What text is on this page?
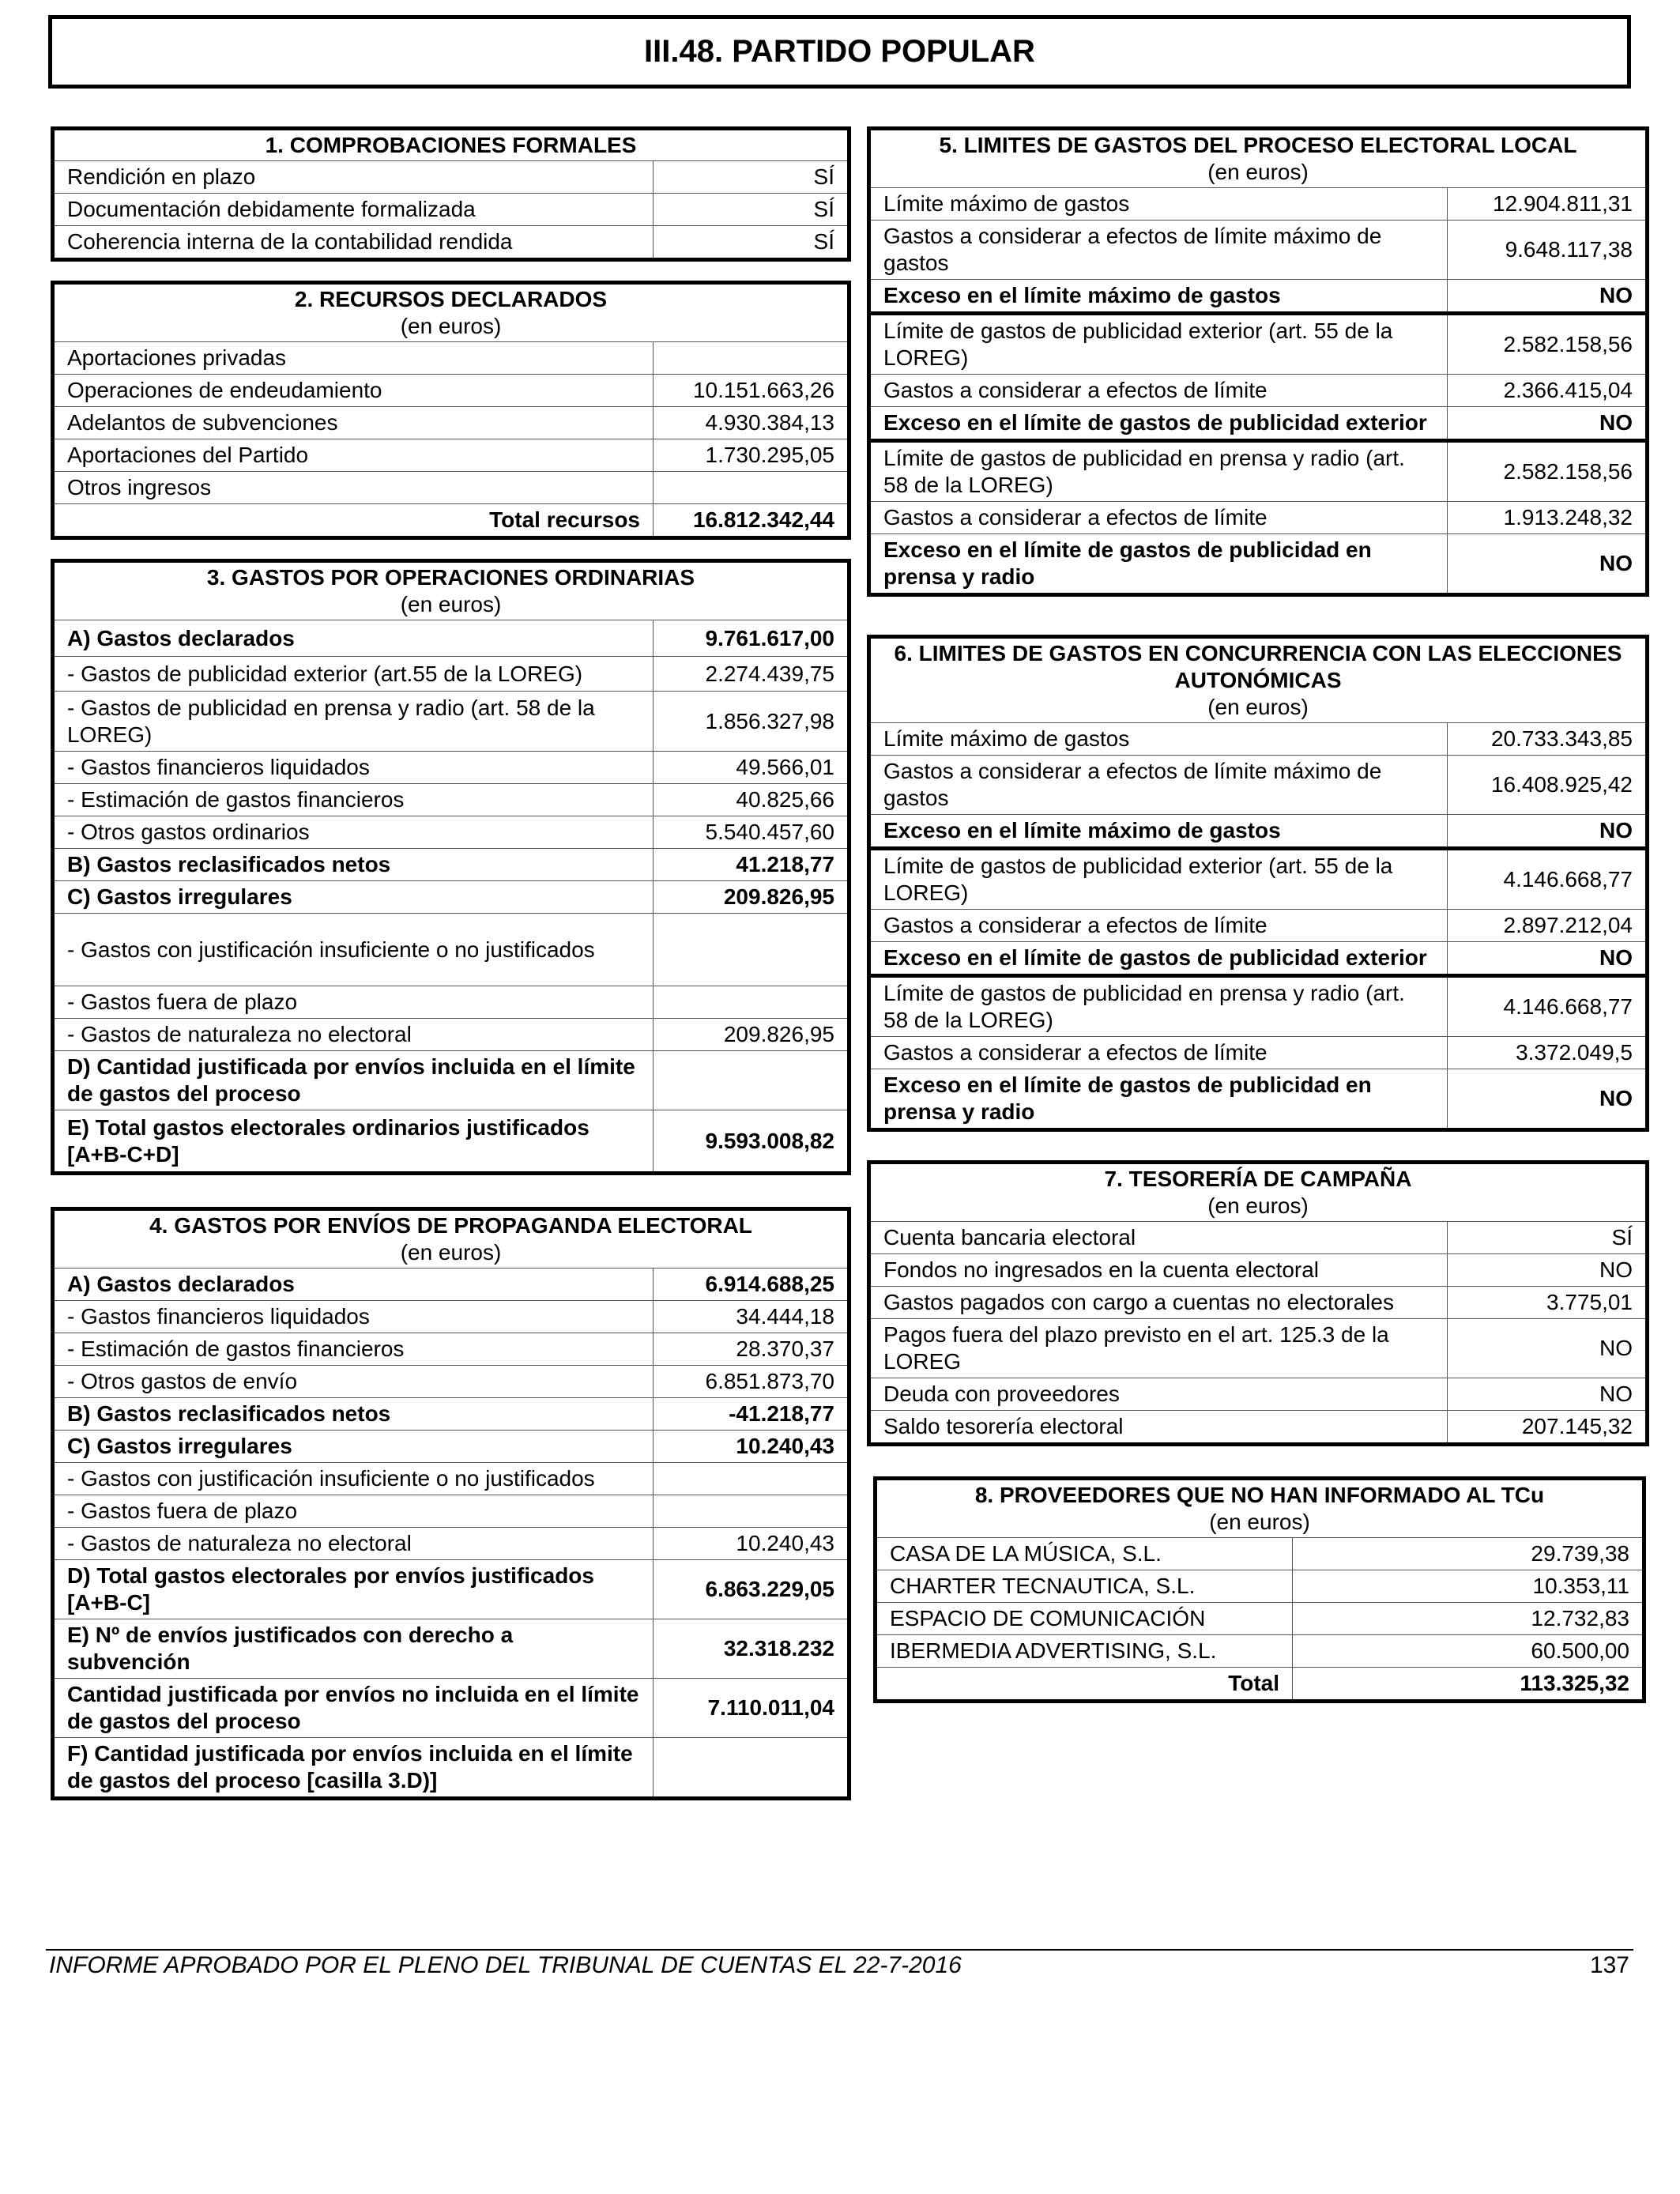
III.48. PARTIDO POPULAR
1. COMPROBACIONES FORMALES	

Rendición en plazo	SÍ
Documentación debidamente formalizada	SÍ
Coherencia interna de la contabilidad rendida	SÍ
2. RECURSOS DECLARADOS
(en euros)	

Aportaciones privadas	
Operaciones de endeudamiento	10.151.663,26
Adelantos de subvenciones	4.930.384,13
Aportaciones del Partido	1.730.295,05
Otros ingresos	
Total recursos	16.812.342,44
3. GASTOS POR OPERACIONES ORDINARIAS
(en euros)	

A) Gastos declarados	9.761.617,00
- Gastos de publicidad exterior (art.55 de la LOREG)	2.274.439,75
- Gastos de publicidad en prensa y radio (art. 58 de la LOREG)	1.856.327,98
- Gastos financieros liquidados	49.566,01
- Estimación de gastos financieros	40.825,66
- Otros gastos ordinarios	5.540.457,60
B) Gastos reclasificados netos	41.218,77
C) Gastos irregulares	209.826,95
- Gastos con justificación insuficiente o no justificados	
- Gastos fuera de plazo	
- Gastos de naturaleza no electoral	209.826,95
D) Cantidad justificada por envíos incluida en el límite de gastos del proceso	
E) Total gastos electorales ordinarios justificados [A+B-C+D]	9.593.008,82
4. GASTOS POR ENVÍOS DE PROPAGANDA ELECTORAL
(en euros)	

A) Gastos declarados	6.914.688,25
- Gastos financieros liquidados	34.444,18
- Estimación de gastos financieros	28.370,37
- Otros gastos de envío	6.851.873,70
B) Gastos reclasificados netos	-41.218,77
C) Gastos irregulares	10.240,43
- Gastos con justificación insuficiente o no justificados	
- Gastos fuera de plazo	
- Gastos de naturaleza no electoral	10.240,43
D) Total gastos electorales por envíos justificados [A+B-C]	6.863.229,05
E) Nº de envíos justificados con derecho a subvención	32.318.232
Cantidad justificada por envíos no incluida en el límite de gastos del proceso	7.110.011,04
F) Cantidad justificada por envíos incluida en el límite de gastos del proceso [casilla 3.D)]	
5. LIMITES DE GASTOS DEL PROCESO ELECTORAL LOCAL
(en euros)	

Límite máximo de gastos	12.904.811,31
Gastos a considerar a efectos de límite máximo de gastos	9.648.117,38
Exceso en el límite máximo de gastos	NO
Límite de gastos de publicidad exterior (art. 55 de la LOREG)	2.582.158,56
Gastos a considerar a efectos de límite	2.366.415,04
Exceso en el límite de gastos de publicidad exterior	NO
Límite de gastos de publicidad en prensa y radio (art. 58 de la LOREG)	2.582.158,56
Gastos a considerar a efectos de límite	1.913.248,32
Exceso en el límite de gastos de publicidad en prensa y radio	NO
6. LIMITES DE GASTOS EN CONCURRENCIA CON LAS ELECCIONES AUTONÓMICAS
(en euros)	

Límite máximo de gastos	20.733.343,85
Gastos a considerar a efectos de límite máximo de gastos	16.408.925,42
Exceso en el límite máximo de gastos	NO
Límite de gastos de publicidad exterior (art. 55 de la LOREG)	4.146.668,77
Gastos a considerar a efectos de límite	2.897.212,04
Exceso en el límite de gastos de publicidad exterior	NO
Límite de gastos de publicidad en prensa y radio (art. 58 de la LOREG)	4.146.668,77
Gastos a considerar a efectos de límite	3.372.049,5
Exceso en el límite de gastos de publicidad en prensa y radio	NO
7. TESORERÍA DE CAMPAÑA
(en euros)	

Cuenta bancaria electoral	SÍ
Fondos no ingresados en la cuenta electoral	NO
Gastos pagados con cargo a cuentas no electorales	3.775,01
Pagos fuera del plazo previsto en el art. 125.3 de la LOREG	NO
Deuda con proveedores	NO
Saldo tesorería electoral	207.145,32
8. PROVEEDORES QUE NO HAN INFORMADO AL TCu
(en euros)	

CASA DE LA MÚSICA, S.L.	29.739,38
CHARTER TECNAUTICA, S.L.	10.353,11
ESPACIO DE COMUNICACIÓN	12.732,83
IBERMEDIA ADVERTISING, S.L.	60.500,00
Total	113.325,32
INFORME APROBADO POR EL PLENO DEL TRIBUNAL DE CUENTAS EL 22-7-2016	137
